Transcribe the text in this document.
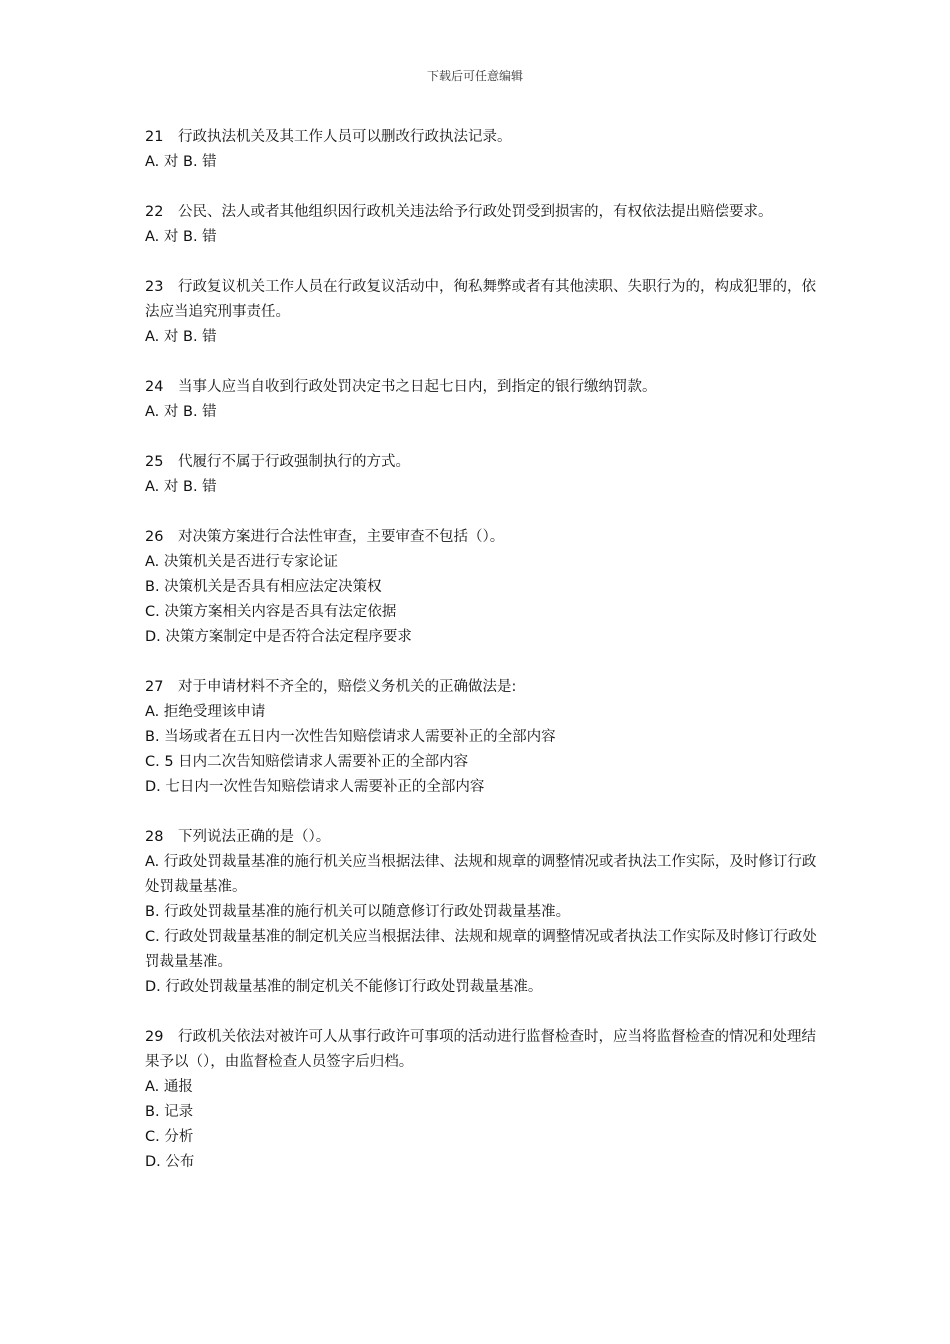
下载后可任意编辑

21 行政执法机关及其工作人员可以删改行政执法记录。

A. 对 B. 错

22 公民、法人或者其他组织因行政机关违法给予行政处罚受到损害的，有权依法提出赔偿要求。

A. 对 B. 错

23 行政复议机关工作人员在行政复议活动中，徇私舞弊或者有其他渎职、失职行为的，构成犯罪的，依法应当追究刑事责任。

A. 对 B. 错

24 当事人应当自收到行政处罚决定书之日起七日内，到指定的银行缴纳罚款。

A. 对 B. 错

25 代履行不属于行政强制执行的方式。

A. 对 B. 错

26 对决策方案进行合法性审查，主要审查不包括（）。

A. 决策机关是否进行专家论证

B. 决策机关是否具有相应法定决策权

C. 决策方案相关内容是否具有法定依据

D. 决策方案制定中是否符合法定程序要求

27 对于申请材料不齐全的，赔偿义务机关的正确做法是:

A. 拒绝受理该申请

B. 当场或者在五日内一次性告知赔偿请求人需要补正的全部内容

C. 5 日内二次告知赔偿请求人需要补正的全部内容

D. 七日内一次性告知赔偿请求人需要补正的全部内容

28 下列说法正确的是（）。

A. 行政处罚裁量基准的施行机关应当根据法律、法规和规章的调整情况或者执法工作实际，及时修订行政处罚裁量基准。

B. 行政处罚裁量基准的施行机关可以随意修订行政处罚裁量基准。

C. 行政处罚裁量基准的制定机关应当根据法律、法规和规章的调整情况或者执法工作实际及时修订行政处罚裁量基准。

D. 行政处罚裁量基准的制定机关不能修订行政处罚裁量基准。

29 行政机关依法对被许可人从事行政许可事项的活动进行监督检查时，应当将监督检查的情况和处理结果予以（），由监督检查人员签字后归档。

A. 通报

B. 记录

C. 分析

D. 公布
